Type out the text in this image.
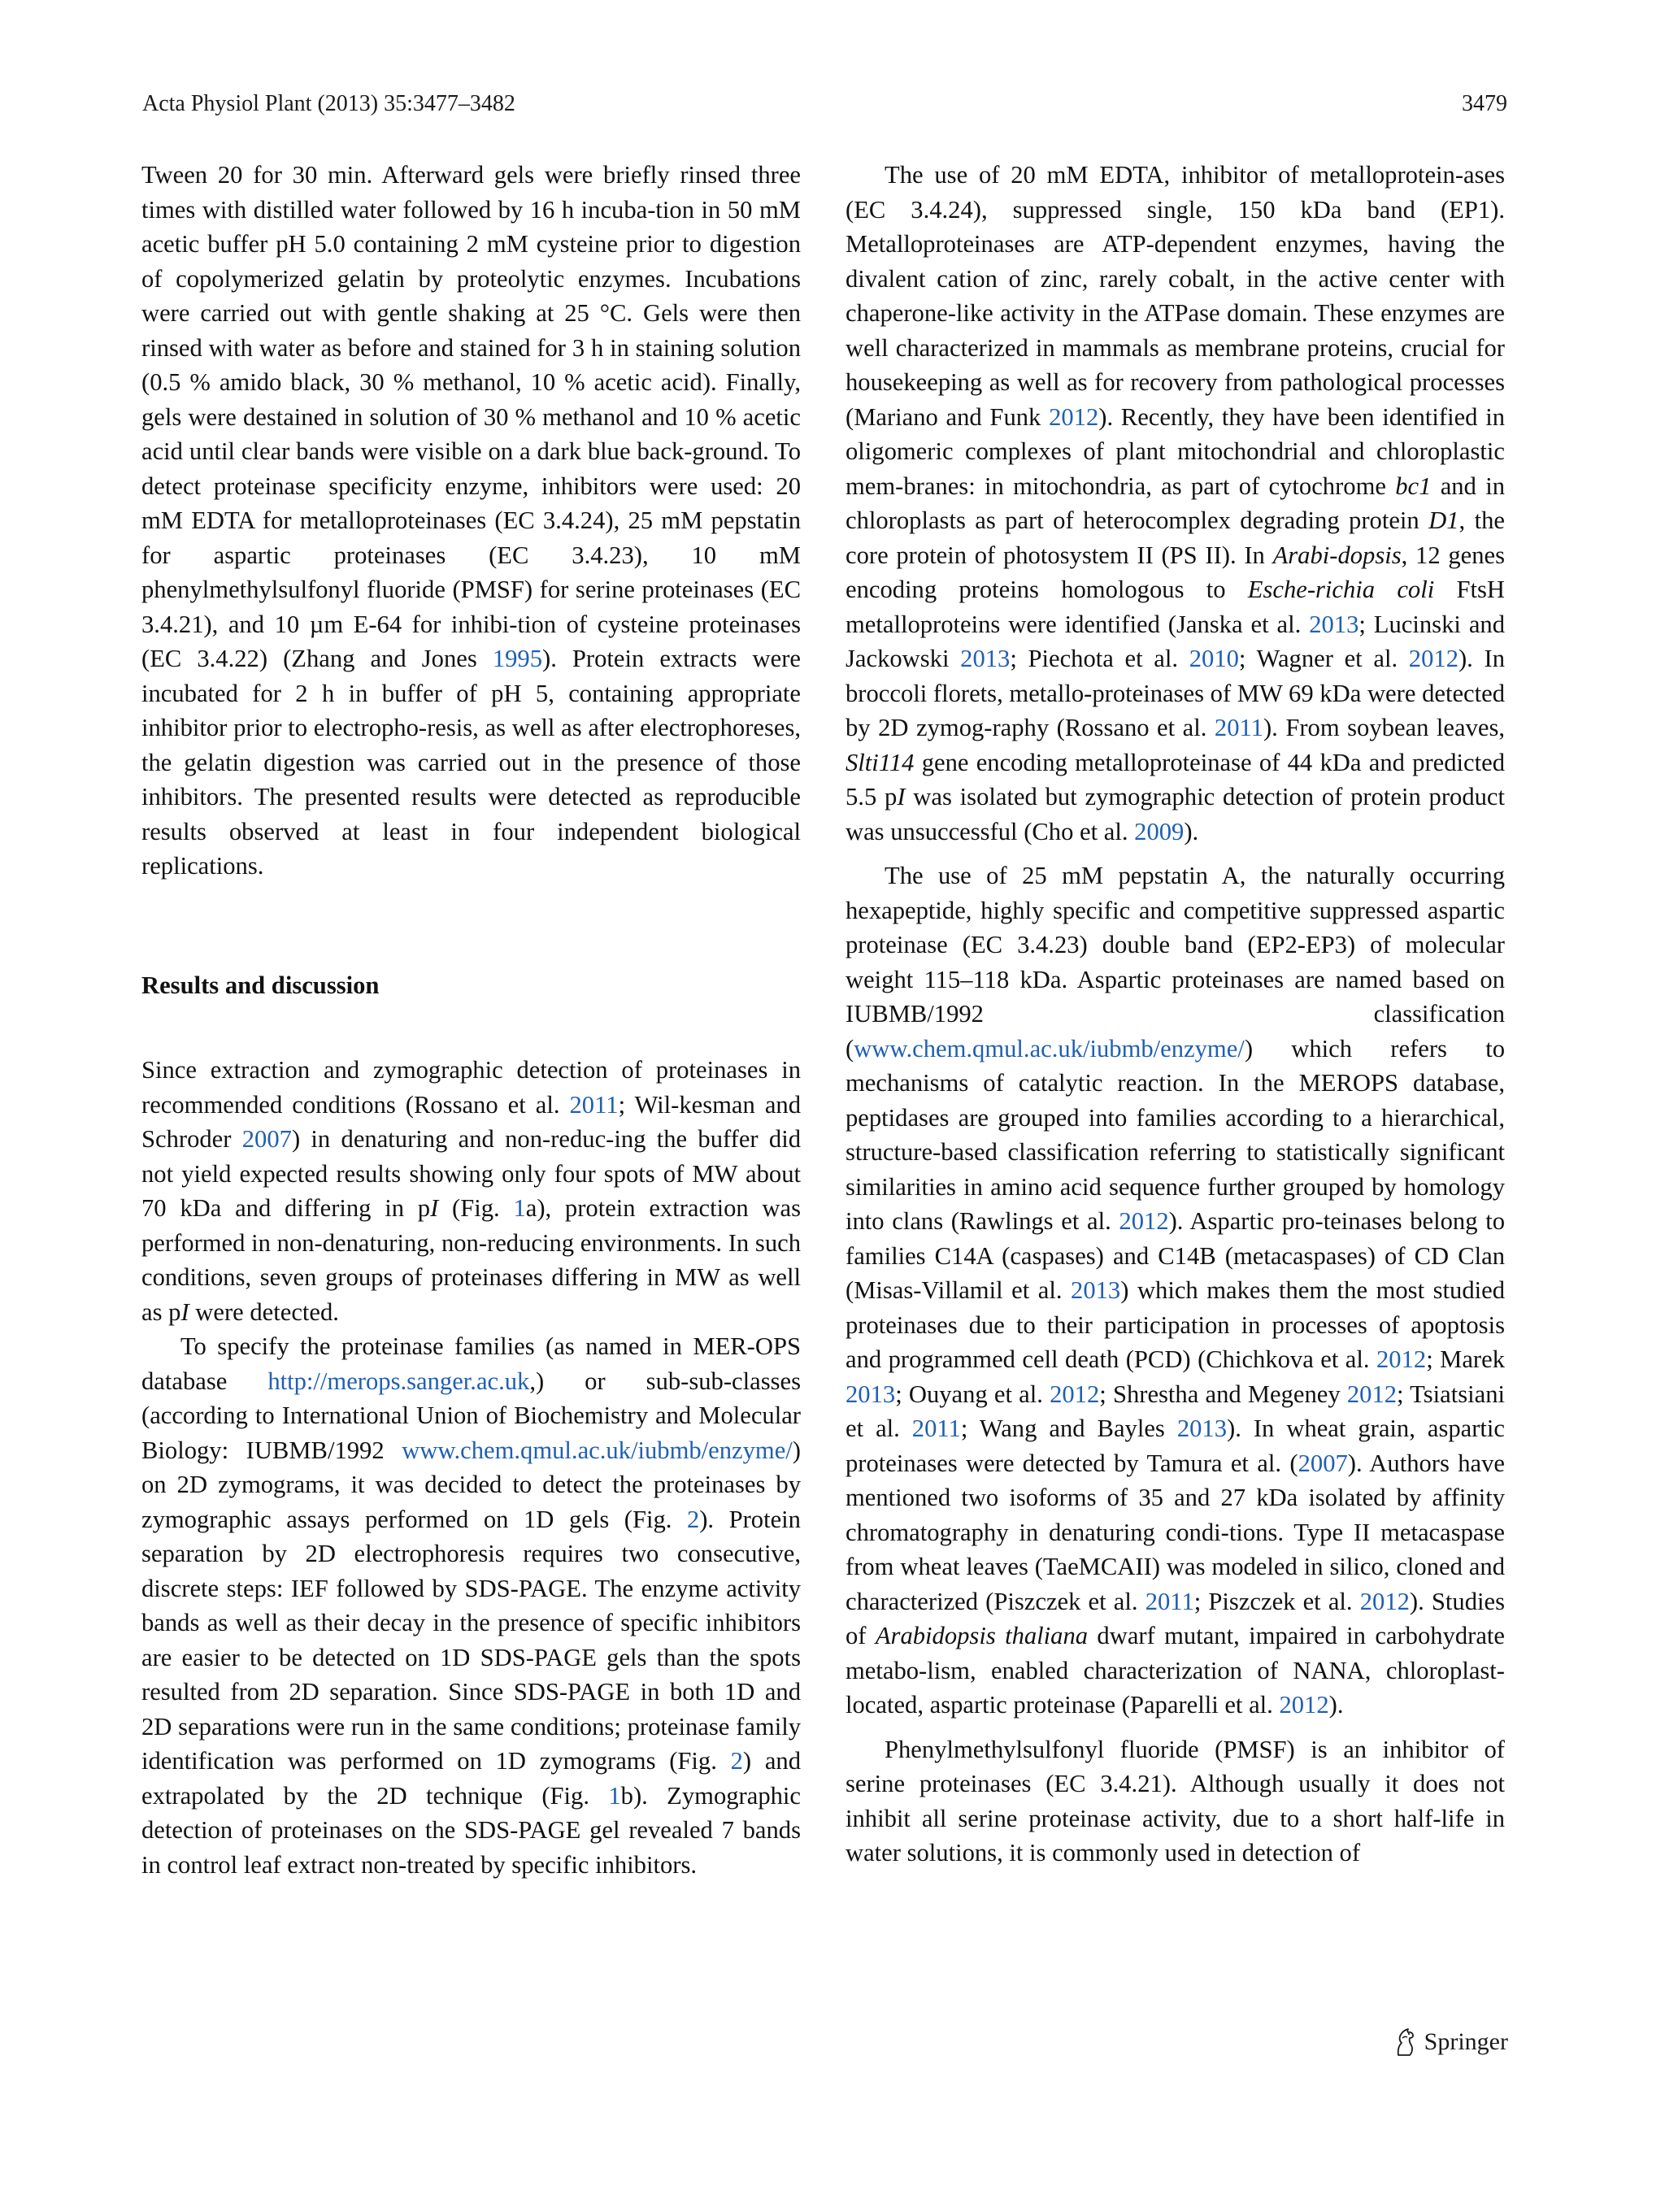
Acta Physiol Plant (2013) 35:3477–3482	3479

Tween 20 for 30 min. Afterward gels were briefly rinsed three times with distilled water followed by 16 h incuba-tion in 50 mM acetic buffer pH 5.0 containing 2 mM cysteine prior to digestion of copolymerized gelatin by proteolytic enzymes. Incubations were carried out with gentle shaking at 25 °C. Gels were then rinsed with water as before and stained for 3 h in staining solution (0.5 % amido black, 30 % methanol, 10 % acetic acid). Finally, gels were destained in solution of 30 % methanol and 10 % acetic acid until clear bands were visible on a dark blue back-ground. To detect proteinase specificity enzyme, inhibitors were used: 20 mM EDTA for metalloproteinases (EC 3.4.24), 25 mM pepstatin for aspartic proteinases (EC 3.4.23), 10 mM phenylmethylsulfonyl fluoride (PMSF) for serine proteinases (EC 3.4.21), and 10 µm E-64 for inhibi-tion of cysteine proteinases (EC 3.4.22) (Zhang and Jones 1995). Protein extracts were incubated for 2 h in buffer of pH 5, containing appropriate inhibitor prior to electropho-resis, as well as after electrophoreses, the gelatin digestion was carried out in the presence of those inhibitors. The presented results were detected as reproducible results observed at least in four independent biological replications.

Results and discussion

Since extraction and zymographic detection of proteinases in recommended conditions (Rossano et al. 2011; Wil-kesman and Schroder 2007) in denaturing and non-reduc-ing the buffer did not yield expected results showing only four spots of MW about 70 kDa and differing in pI (Fig. 1a), protein extraction was performed in non-denaturing, non-reducing environments. In such conditions, seven groups of proteinases differing in MW as well as pI were detected.

To specify the proteinase families (as named in MER-OPS database http://merops.sanger.ac.uk,) or sub-sub-classes (according to International Union of Biochemistry and Molecular Biology: IUBMB/1992 www.chem.qmul.ac.uk/iubmb/enzyme/) on 2D zymograms, it was decided to detect the proteinases by zymographic assays performed on 1D gels (Fig. 2). Protein separation by 2D electrophoresis requires two consecutive, discrete steps: IEF followed by SDS-PAGE. The enzyme activity bands as well as their decay in the presence of specific inhibitors are easier to be detected on 1D SDS-PAGE gels than the spots resulted from 2D separation. Since SDS-PAGE in both 1D and 2D separations were run in the same conditions; proteinase family identification was performed on 1D zymograms (Fig. 2) and extrapolated by the 2D technique (Fig. 1b). Zymographic detection of proteinases on the SDS-PAGE gel revealed 7 bands in control leaf extract non-treated by specific inhibitors.

The use of 20 mM EDTA, inhibitor of metalloprotein-ases (EC 3.4.24), suppressed single, 150 kDa band (EP1). Metalloproteinases are ATP-dependent enzymes, having the divalent cation of zinc, rarely cobalt, in the active center with chaperone-like activity in the ATPase domain. These enzymes are well characterized in mammals as membrane proteins, crucial for housekeeping as well as for recovery from pathological processes (Mariano and Funk 2012). Recently, they have been identified in oligomeric complexes of plant mitochondrial and chloroplastic mem-branes: in mitochondria, as part of cytochrome bc1 and in chloroplasts as part of heterocomplex degrading protein D1, the core protein of photosystem II (PS II). In Arabi-dopsis, 12 genes encoding proteins homologous to Esche-richia coli FtsH metalloproteins were identified (Janska et al. 2013; Lucinski and Jackowski 2013; Piechota et al. 2010; Wagner et al. 2012). In broccoli florets, metallo-proteinases of MW 69 kDa were detected by 2D zymog-raphy (Rossano et al. 2011). From soybean leaves, Slti114 gene encoding metalloproteinase of 44 kDa and predicted 5.5 pI was isolated but zymographic detection of protein product was unsuccessful (Cho et al. 2009).

The use of 25 mM pepstatin A, the naturally occurring hexapeptide, highly specific and competitive suppressed aspartic proteinase (EC 3.4.23) double band (EP2-EP3) of molecular weight 115–118 kDa. Aspartic proteinases are named based on IUBMB/1992 classification (www.chem.qmul.ac.uk/iubmb/enzyme/) which refers to mechanisms of catalytic reaction. In the MEROPS database, peptidases are grouped into families according to a hierarchical, structure-based classification referring to statistically significant similarities in amino acid sequence further grouped by homology into clans (Rawlings et al. 2012). Aspartic pro-teinases belong to families C14A (caspases) and C14B (metacaspases) of CD Clan (Misas-Villamil et al. 2013) which makes them the most studied proteinases due to their participation in processes of apoptosis and programmed cell death (PCD) (Chichkova et al. 2012; Marek 2013; Ouyang et al. 2012; Shrestha and Megeney 2012; Tsiatsiani et al. 2011; Wang and Bayles 2013). In wheat grain, aspartic proteinases were detected by Tamura et al. (2007). Authors have mentioned two isoforms of 35 and 27 kDa isolated by affinity chromatography in denaturing condi-tions. Type II metacaspase from wheat leaves (TaeMCAII) was modeled in silico, cloned and characterized (Piszczek et al. 2011; Piszczek et al. 2012). Studies of Arabidopsis thaliana dwarf mutant, impaired in carbohydrate metabo-lism, enabled characterization of NANA, chloroplast-located, aspartic proteinase (Paparelli et al. 2012).

Phenylmethylsulfonyl fluoride (PMSF) is an inhibitor of serine proteinases (EC 3.4.21). Although usually it does not inhibit all serine proteinase activity, due to a short half-life in water solutions, it is commonly used in detection of

Springer
